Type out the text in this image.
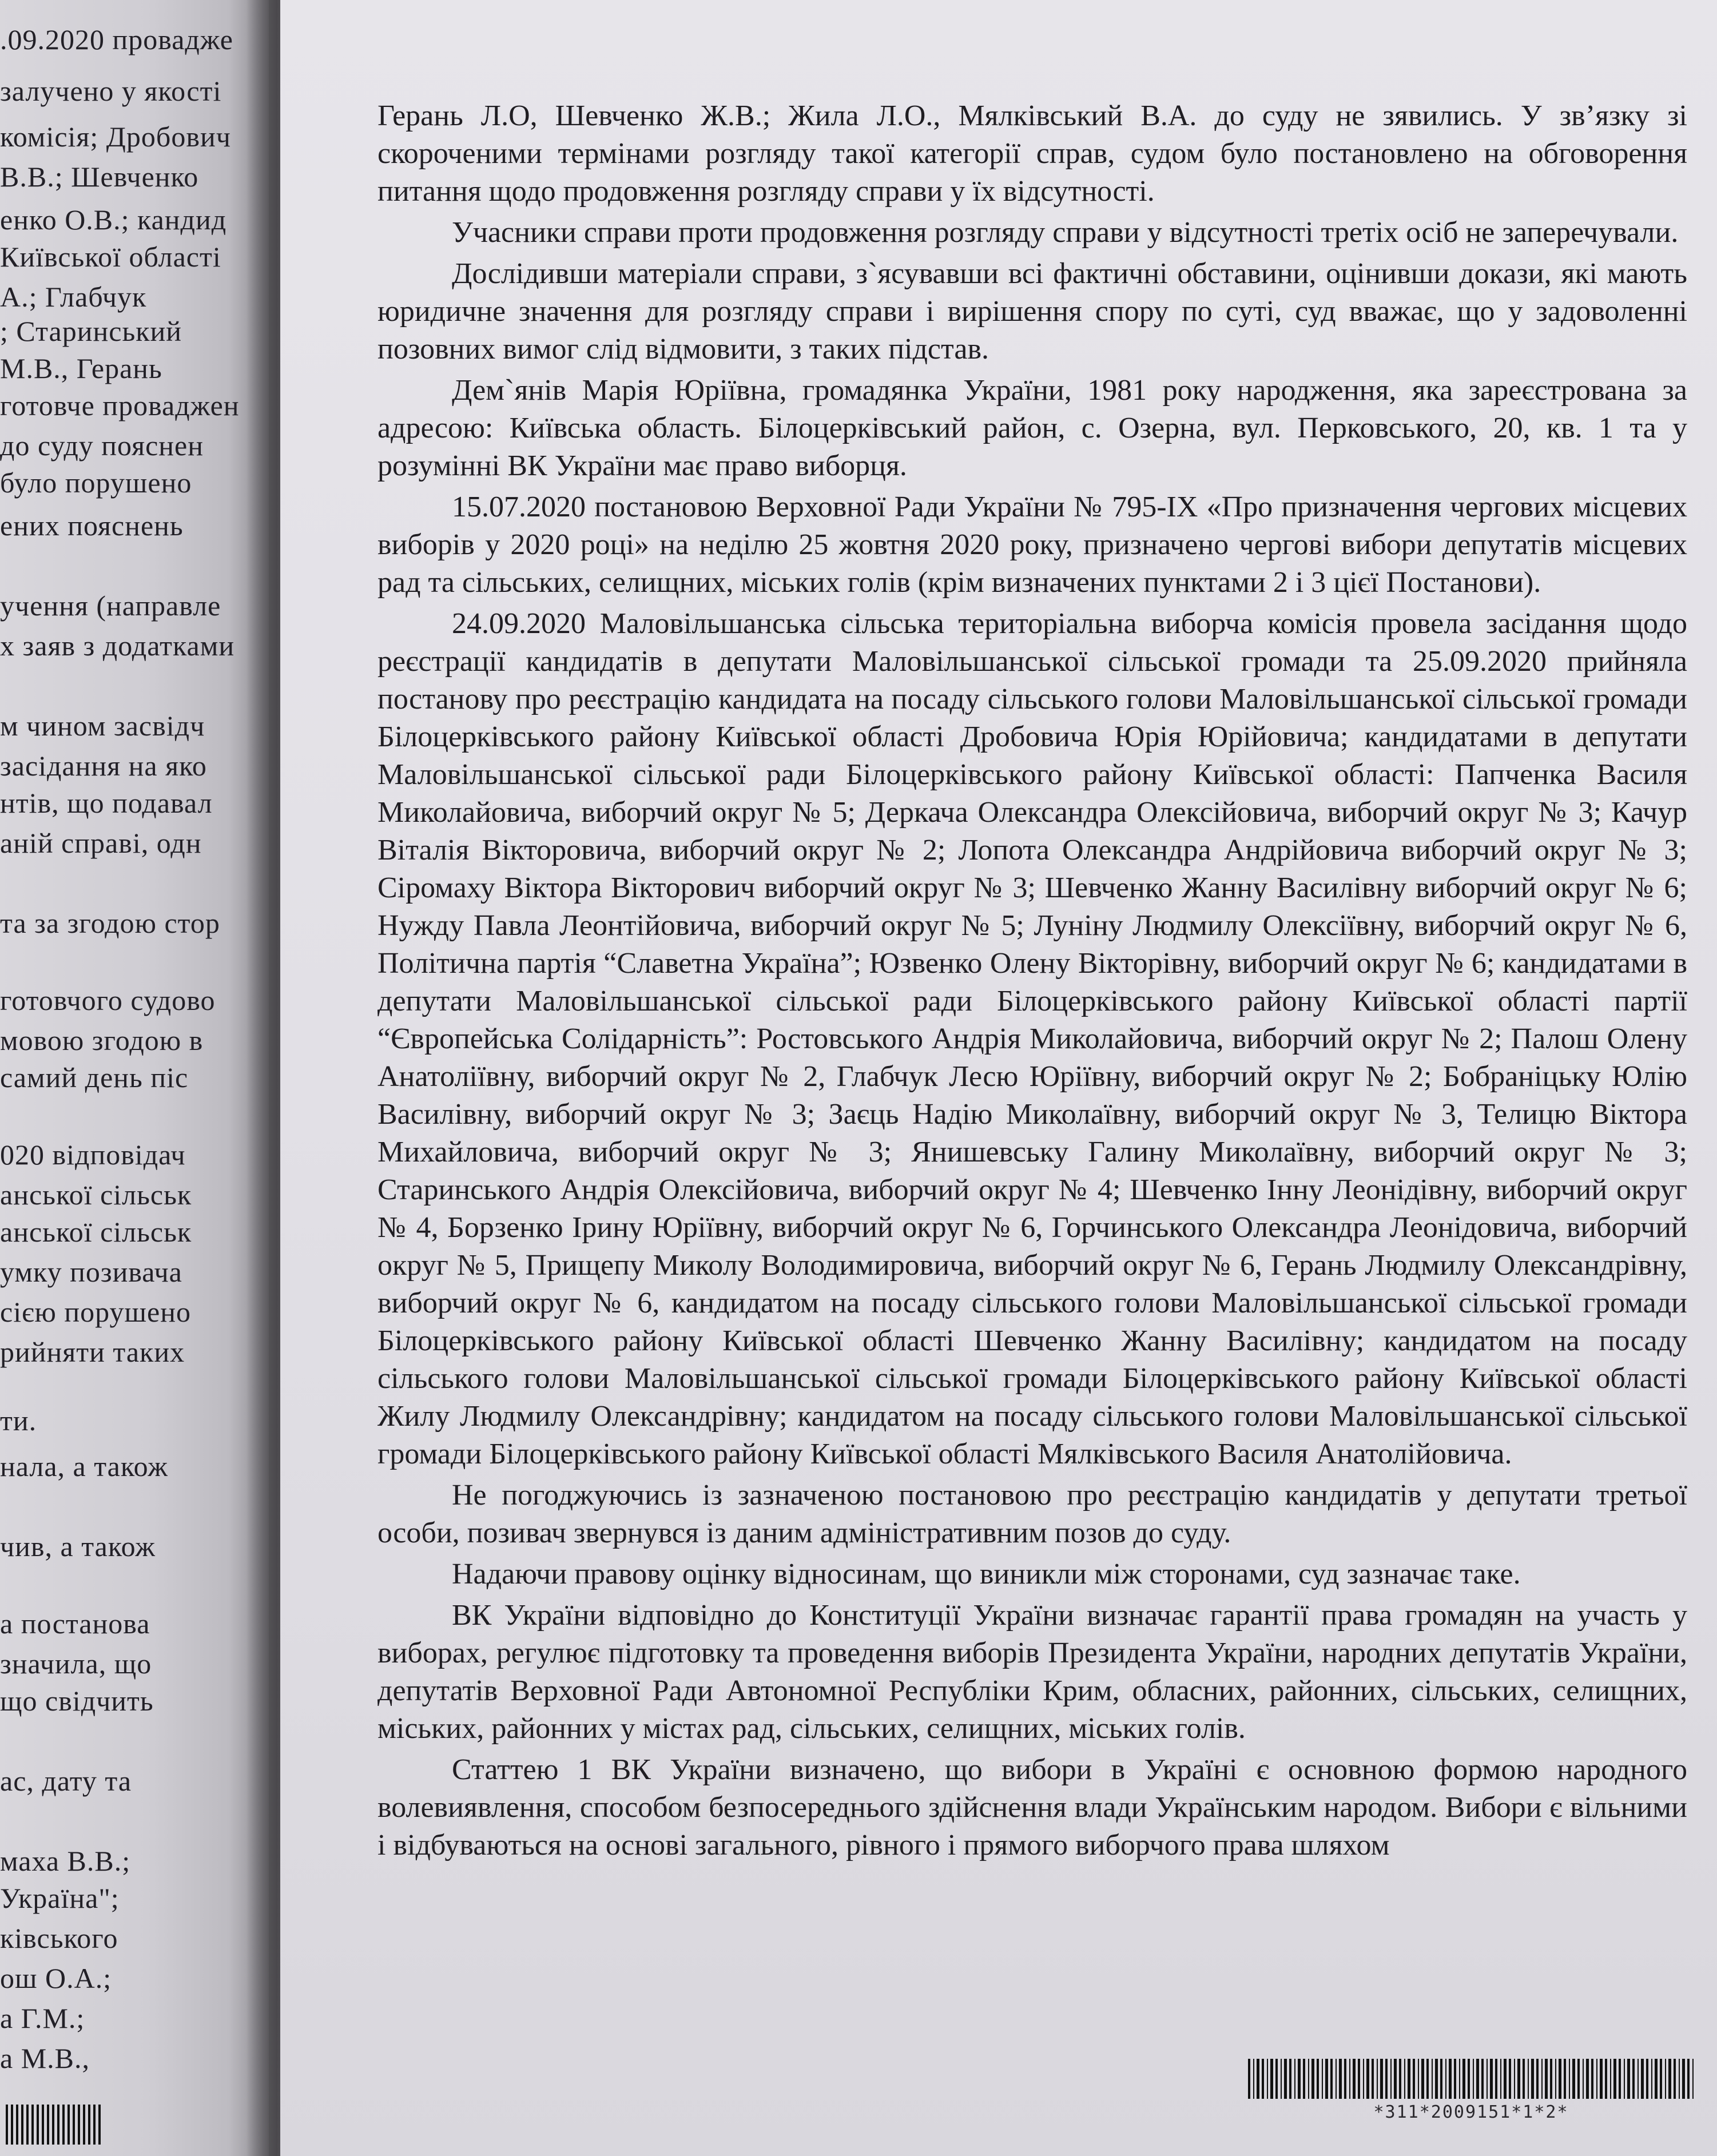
.09.2020 провадже
залучено у якості
комісія; Дробович
В.В.; Шевченко
енко О.В.; кандид
Київської області
А.; Глабчук
; Старинський
М.В., Герань
готовче проваджен
до суду пояснен
було порушено
ених пояснень
учення (направле
х заяв з додатками
м чином засвідч
засідання на яко
нтів, що подавал
аній справі, одн
та за згодою стор
готовчого судово
мовою згодою в
самий день піс
020 відповідач
анської сільськ
анської сільськ
умку позивача
сією порушено
рийняти таких
ти.
нала, а також
чив, а також
а постанова
значила, що
що свідчить
ас, дату та
маха В.В.;
Україна";
ківського
ош О.А.;
а Г.М.;
а М.В.,

Герань Л.О, Шевченко Ж.В.; Жила Л.О., Мялківський В.А. до суду не зявились. У зв’язку зі скороченими термінами розгляду такої категорії справ, судом було постановлено на обговорення питання щодо продовження розгляду справи у їх відсутності.

Учасники справи проти продовження розгляду справи у відсутності третіх осіб не заперечували.

Дослідивши матеріали справи, з`ясувавши всі фактичні обставини, оцінивши докази, які мають юридичне значення для розгляду справи і вирішення спору по суті, суд вважає, що у задоволенні позовних вимог слід відмовити, з таких підстав.

Дем`янів Марія Юріївна, громадянка України, 1981 року народження, яка зареєстрована за адресою: Київська область. Білоцерківський район, с. Озерна, вул. Перковського, 20, кв. 1 та у розумінні ВК України має право виборця.

15.07.2020 постановою Верховної Ради України № 795-IX «Про призначення чергових місцевих виборів у 2020 році» на неділю 25 жовтня 2020 року, призначено чергові вибори депутатів місцевих рад та сільських, селищних, міських голів (крім визначених пунктами 2 і 3 цієї Постанови).

24.09.2020 Маловільшанська сільська територіальна виборча комісія провела засідання щодо реєстрації кандидатів в депутати Маловільшанської сільської громади та 25.09.2020 прийняла постанову про реєстрацію кандидата на посаду сільського голови Маловільшанської сільської громади Білоцерківського району Київської області Дробовича Юрія Юрійовича; кандидатами в депутати Маловільшанської сільської ради Білоцерківського району Київської області: Папченка Василя Миколайовича, виборчий округ № 5; Деркача Олександра Олексійовича, виборчий округ № 3; Качур Віталія Вікторовича, виборчий округ № 2; Лопота Олександра Андрійовича виборчий округ № 3; Сіромаху Віктора Вікторович виборчий округ № 3; Шевченко Жанну Василівну виборчий округ № 6; Нужду Павла Леонтійовича, виборчий округ № 5; Луніну Людмилу Олексіївну, виборчий округ № 6, Політична партія “Славетна Україна”; Юзвенко Олену Вікторівну, виборчий округ № 6; кандидатами в депутати Маловільшанської сільської ради Білоцерківського району Київської області партії “Європейська Солідарність”: Ростовського Андрія Миколайовича, виборчий округ № 2; Палош Олену Анатоліївну, виборчий округ № 2, Глабчук Лесю Юріївну, виборчий округ № 2; Бобраніцьку Юлію Василівну, виборчий округ № 3; Заєць Надію Миколаївну, виборчий округ № 3, Телицю Віктора Михайловича, виборчий округ № 3; Янишевську Галину Миколаївну, виборчий округ № 3; Старинського Андрія Олексійовича, виборчий округ № 4; Шевченко Інну Леонідівну, виборчий округ № 4, Борзенко Ірину Юріївну, виборчий округ № 6, Горчинського Олександра Леонідовича, виборчий округ № 5, Прищепу Миколу Володимировича, виборчий округ № 6, Герань Людмилу Олександрівну, виборчий округ № 6, кандидатом на посаду сільського голови Маловільшанської сільської громади Білоцерківського району Київської області Шевченко Жанну Василівну; кандидатом на посаду сільського голови Маловільшанської сільської громади Білоцерківського району Київської області Жилу Людмилу Олександрівну; кандидатом на посаду сільського голови Маловільшанської сільської громади Білоцерківського району Київської області Мялківського Василя Анатолійовича.

Не погоджуючись із зазначеною постановою про реєстрацію кандидатів у депутати третьої особи, позивач звернувся із даним адміністративним позов до суду.

Надаючи правову оцінку відносинам, що виникли між сторонами, суд зазначає таке.

ВК України відповідно до Конституції України визначає гарантії права громадян на участь у виборах, регулює підготовку та проведення виборів Президента України, народних депутатів України, депутатів Верховної Ради Автономної Республіки Крим, обласних, районних, сільських, селищних, міських, районних у містах рад, сільських, селищних, міських голів.

Статтею 1 ВК України визначено, що вибори в Україні є основною формою народного волевиявлення, способом безпосереднього здійснення влади Українським народом. Вибори є вільними і відбуваються на основі загального, рівного і прямого виборчого права шляхом

*311*2009151*1*2*
